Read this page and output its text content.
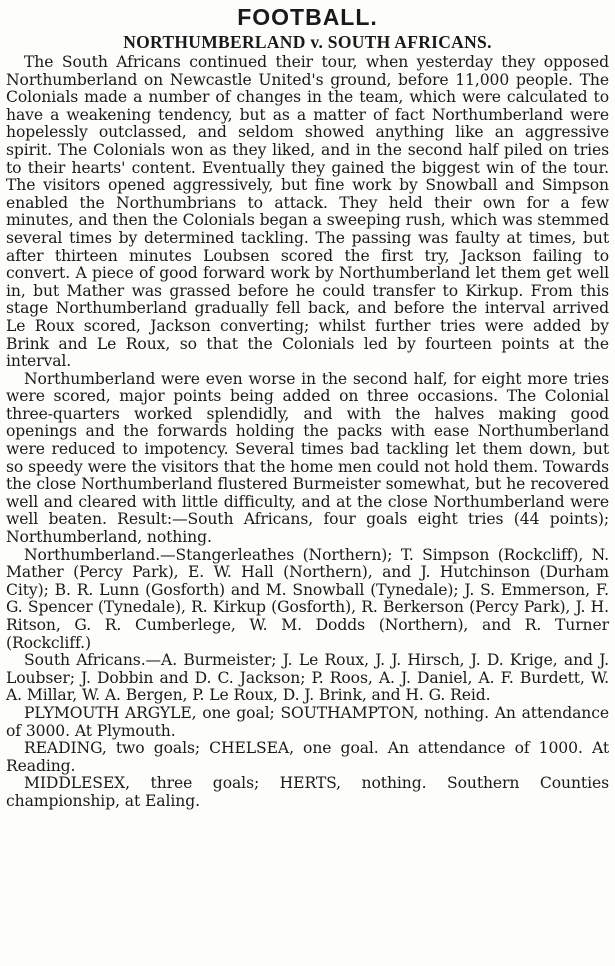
FOOTBALL.
NORTHUMBERLAND v. SOUTH AFRICANS.

The South Africans continued their tour, when yesterday they opposed Northumberland on Newcastle United's ground, before 11,000 people. The Colonials made a number of changes in the team, which were calculated to have a weakening tendency, but as a matter of fact Northumberland were hopelessly outclassed, and seldom showed anything like an aggressive spirit. The Colonials won as they liked, and in the second half piled on tries to their hearts' content. Eventually they gained the biggest win of the tour. The visitors opened aggressively, but fine work by Snowball and Simpson enabled the Northumbrians to attack. They held their own for a few minutes, and then the Colonials began a sweeping rush, which was stemmed several times by determined tackling. The passing was faulty at times, but after thirteen minutes Loubsen scored the first try, Jackson failing to convert. A piece of good forward work by Northumberland let them get well in, but Mather was grassed before he could transfer to Kirkup. From this stage Northumberland gradually fell back, and before the interval arrived Le Roux scored, Jackson converting; whilst further tries were added by Brink and Le Roux, so that the Colonials led by fourteen points at the interval.

Northumberland were even worse in the second half, for eight more tries were scored, major points being added on three occasions. The Colonial three-quarters worked splendidly, and with the halves making good openings and the forwards holding the packs with ease Northumberland were reduced to impotency. Several times bad tackling let them down, but so speedy were the visitors that the home men could not hold them. Towards the close Northumberland flustered Burmeister somewhat, but he recovered well and cleared with little difficulty, and at the close Northumberland were well beaten. Result:—South Africans, four goals eight tries (44 points); Northumberland, nothing.

Northumberland.—Stangerleathes (Northern); T. Simpson (Rockcliff), N. Mather (Percy Park), E. W. Hall (Northern), and J. Hutchinson (Durham City); B. R. Lunn (Gosforth) and M. Snowball (Tynedale); J. S. Emmerson, F. G. Spencer (Tynedale), R. Kirkup (Gosforth), R. Berkerson (Percy Park), J. H. Ritson, G. R. Cumberlege, W. M. Dodds (Northern), and R. Turner (Rockcliff.)

South Africans.—A. Burmeister; J. Le Roux, J. J. Hirsch, J. D. Krige, and J. Loubser; J. Dobbin and D. C. Jackson; P. Roos, A. J. Daniel, A. F. Burdett, W. A. Millar, W. A. Bergen, P. Le Roux, D. J. Brink, and H. G. Reid.

PLYMOUTH ARGYLE, one goal; SOUTHAMPTON, nothing. An attendance of 3000. At Plymouth.

READING, two goals; CHELSEA, one goal. An attendance of 1000. At Reading.

MIDDLESEX, three goals; HERTS, nothing. Southern Counties championship, at Ealing.
